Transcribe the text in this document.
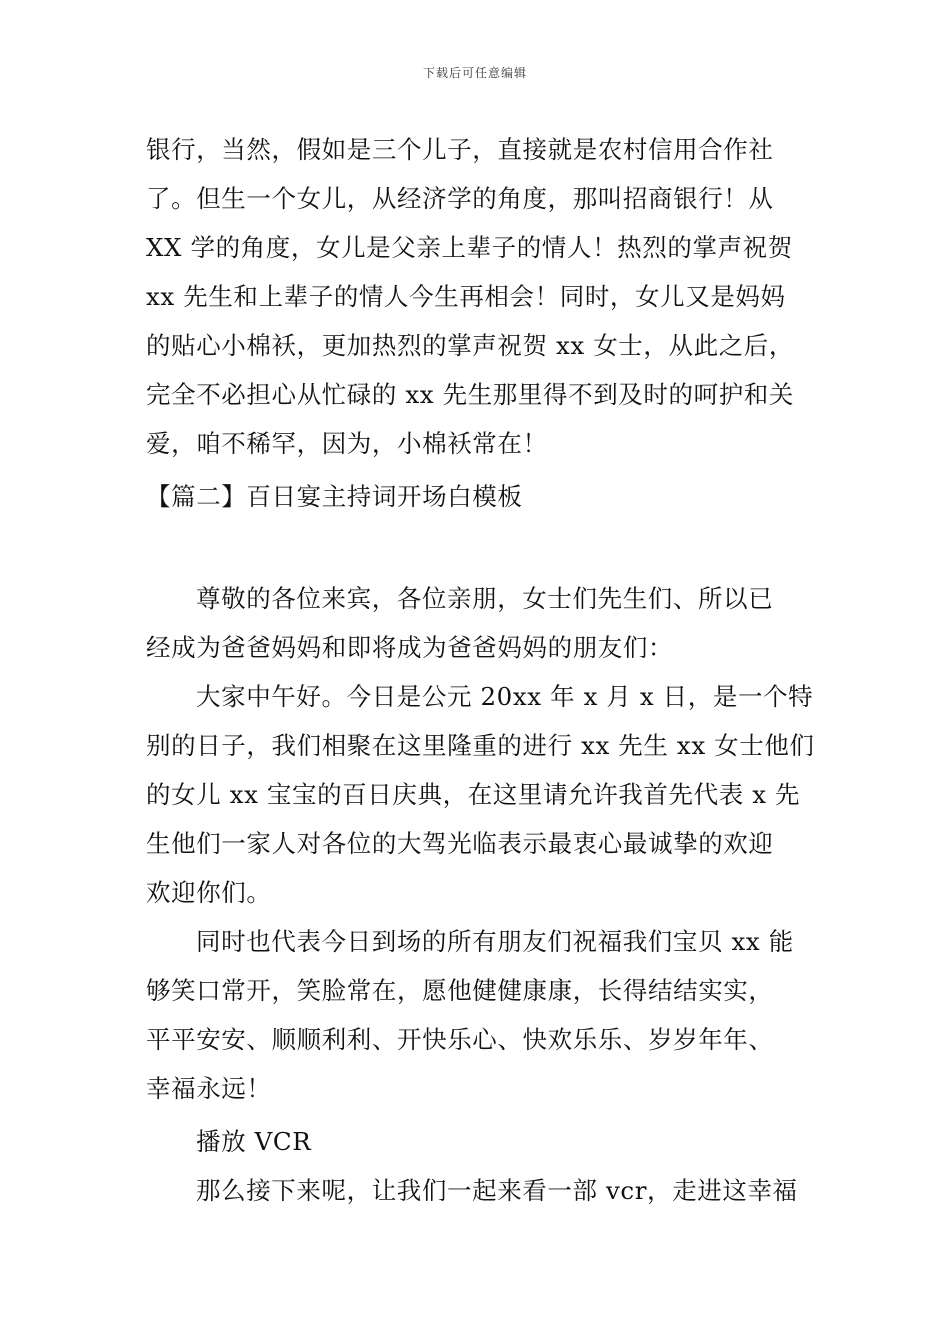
下载后可任意编辑
银行，当然，假如是三个儿子，直接就是农村信用合作社
了。但生一个女儿，从经济学的角度，那叫招商银行！从
XX 学的角度，女儿是父亲上辈子的情人！热烈的掌声祝贺
xx 先生和上辈子的情人今生再相会！同时，女儿又是妈妈
的贴心小棉袄，更加热烈的掌声祝贺 xx 女士，从此之后，
完全不必担心从忙碌的 xx 先生那里得不到及时的呵护和关
爱，咱不稀罕，因为，小棉袄常在！
【篇二】百日宴主持词开场白模板
尊敬的各位来宾，各位亲朋，女士们先生们、所以已
经成为爸爸妈妈和即将成为爸爸妈妈的朋友们：
大家中午好。今日是公元 20xx 年 x 月 x 日，是一个特
别的日子，我们相聚在这里隆重的进行 xx 先生 xx 女士他们
的女儿 xx 宝宝的百日庆典，在这里请允许我首先代表 x 先
生他们一家人对各位的大驾光临表示最衷心最诚挚的欢迎
欢迎你们。
同时也代表今日到场的所有朋友们祝福我们宝贝 xx 能
够笑口常开，笑脸常在，愿他健健康康，长得结结实实，
平平安安、顺顺利利、开快乐心、快欢乐乐、岁岁年年、
幸福永远！
播放 VCR
那么接下来呢，让我们一起来看一部 vcr，走进这幸福
